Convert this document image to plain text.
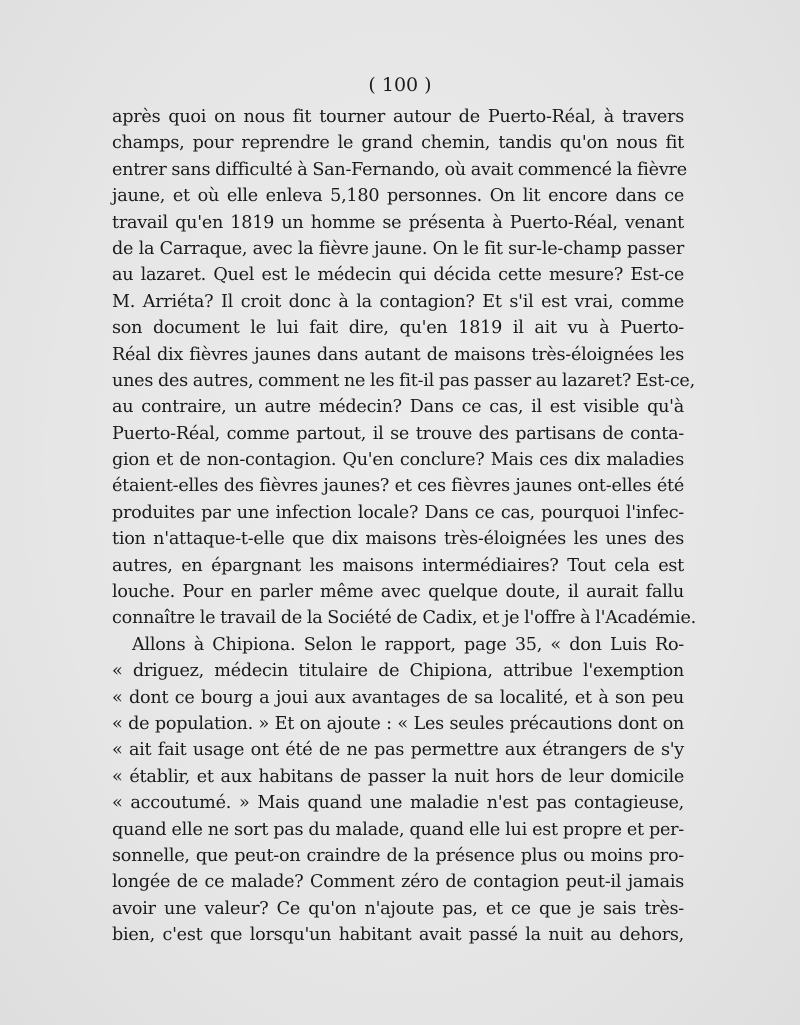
( 100 )
après quoi on nous fit tourner autour de Puerto-Réal, à travers
champs, pour reprendre le grand chemin, tandis qu'on nous fit
entrer sans difficulté à San-Fernando, où avait commencé la fièvre
jaune, et où elle enleva 5,180 personnes. On lit encore dans ce
travail qu'en 1819 un homme se présenta à Puerto-Réal, venant
de la Carraque, avec la fièvre jaune. On le fit sur-le-champ passer
au lazaret. Quel est le médecin qui décida cette mesure? Est-ce
M. Arriéta? Il croit donc à la contagion? Et s'il est vrai, comme
son document le lui fait dire, qu'en 1819 il ait vu à Puerto-
Réal dix fièvres jaunes dans autant de maisons très-éloignées les
unes des autres, comment ne les fit-il pas passer au lazaret? Est-ce,
au contraire, un autre médecin? Dans ce cas, il est visible qu'à
Puerto-Réal, comme partout, il se trouve des partisans de conta-
gion et de non-contagion. Qu'en conclure? Mais ces dix maladies
étaient-elles des fièvres jaunes? et ces fièvres jaunes ont-elles été
produites par une infection locale? Dans ce cas, pourquoi l'infec-
tion n'attaque-t-elle que dix maisons très-éloignées les unes des
autres, en épargnant les maisons intermédiaires? Tout cela est
louche. Pour en parler même avec quelque doute, il aurait fallu
connaître le travail de la Société de Cadix, et je l'offre à l'Académie.
Allons à Chipiona. Selon le rapport, page 35, « don Luis Ro-
« driguez, médecin titulaire de Chipiona, attribue l'exemption
« dont ce bourg a joui aux avantages de sa localité, et à son peu
« de population. » Et on ajoute : « Les seules précautions dont on
« ait fait usage ont été de ne pas permettre aux étrangers de s'y
« établir, et aux habitans de passer la nuit hors de leur domicile
« accoutumé. » Mais quand une maladie n'est pas contagieuse,
quand elle ne sort pas du malade, quand elle lui est propre et per-
sonnelle, que peut-on craindre de la présence plus ou moins pro-
longée de ce malade? Comment zéro de contagion peut-il jamais
avoir une valeur? Ce qu'on n'ajoute pas, et ce que je sais très-
bien, c'est que lorsqu'un habitant avait passé la nuit au dehors,
